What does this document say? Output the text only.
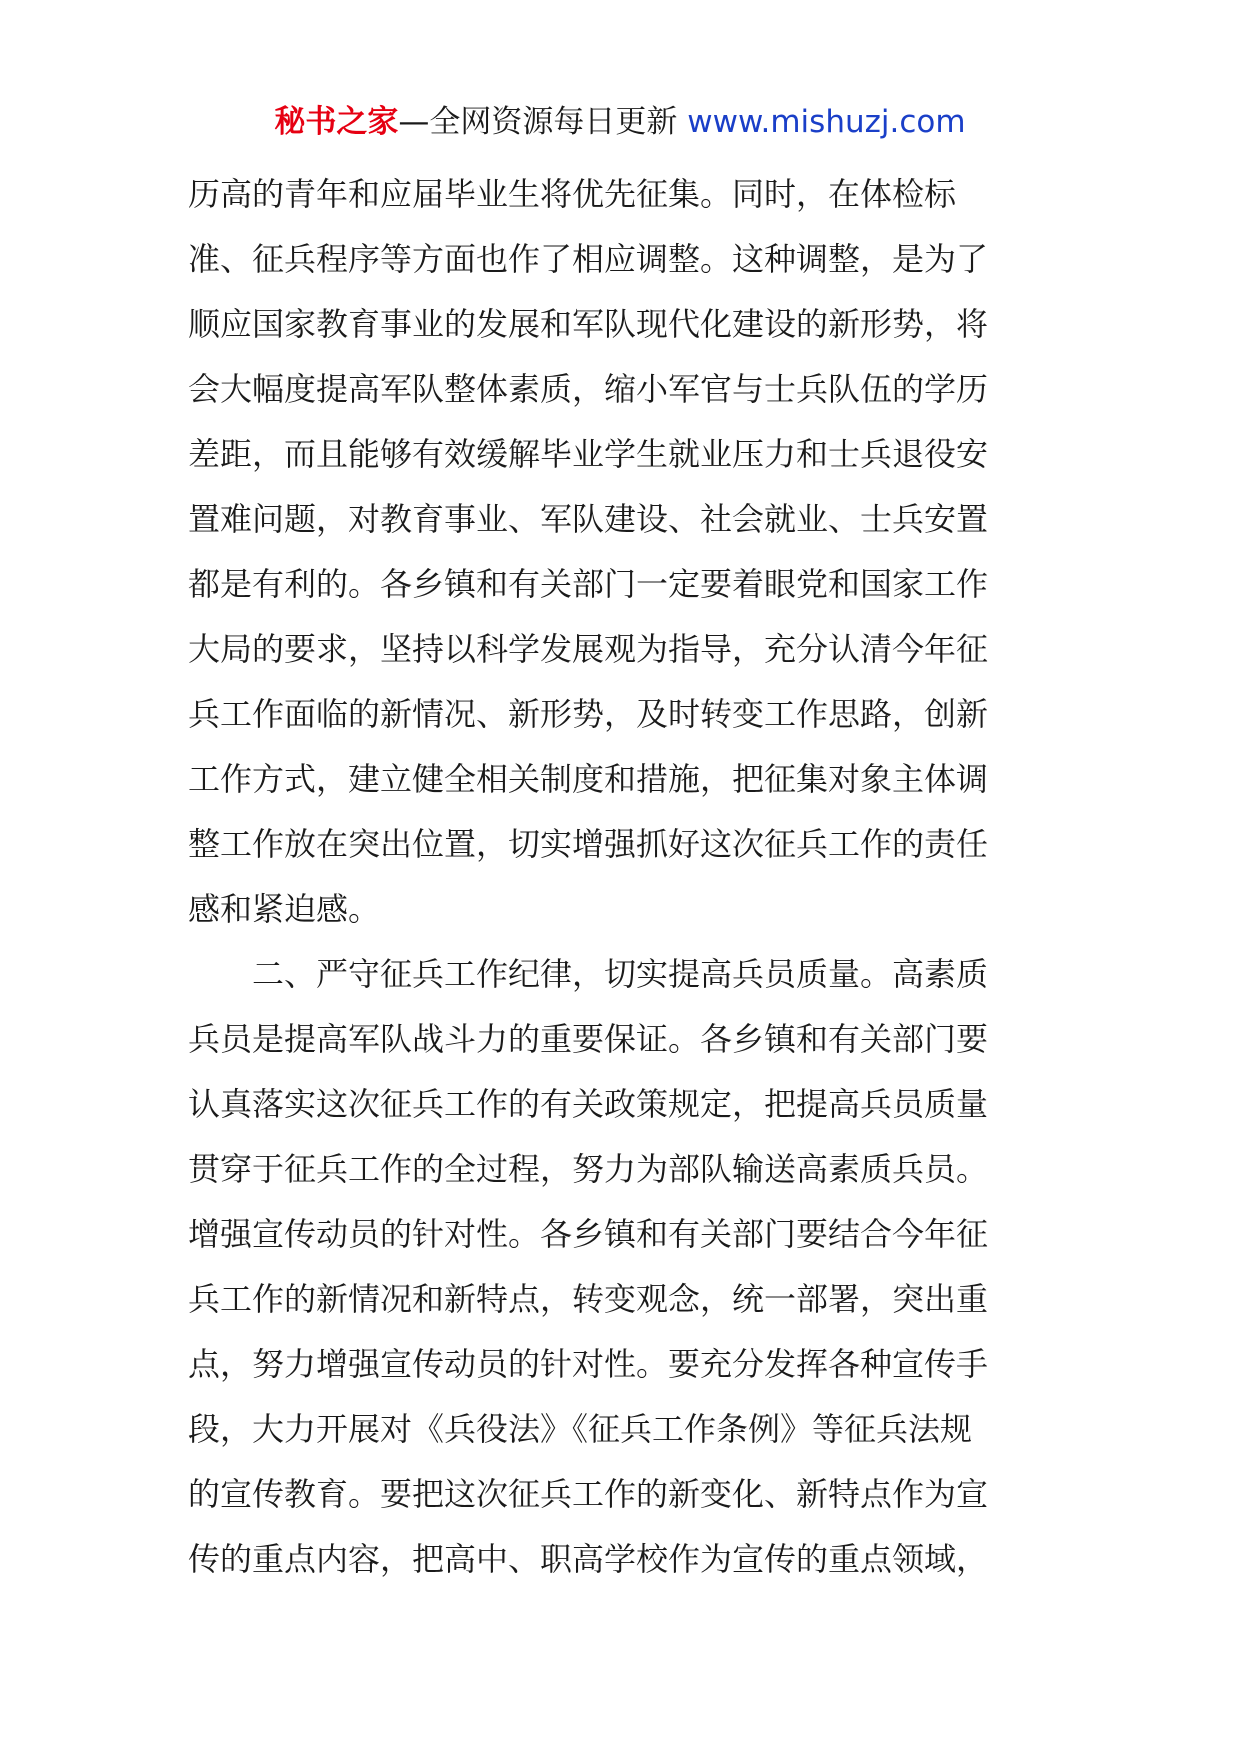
秘书之家—全网资源每日更新 www.mishuzj.com
历高的青年和应届毕业生将优先征集。同时，在体检标
准、征兵程序等方面也作了相应调整。这种调整，是为了
顺应国家教育事业的发展和军队现代化建设的新形势，将
会大幅度提高军队整体素质，缩小军官与士兵队伍的学历
差距，而且能够有效缓解毕业学生就业压力和士兵退役安
置难问题，对教育事业、军队建设、社会就业、士兵安置
都是有利的。各乡镇和有关部门一定要着眼党和国家工作
大局的要求，坚持以科学发展观为指导，充分认清今年征
兵工作面临的新情况、新形势，及时转变工作思路，创新
工作方式，建立健全相关制度和措施，把征集对象主体调
整工作放在突出位置，切实增强抓好这次征兵工作的责任
感和紧迫感。
二、严守征兵工作纪律，切实提高兵员质量。高素质
兵员是提高军队战斗力的重要保证。各乡镇和有关部门要
认真落实这次征兵工作的有关政策规定，把提高兵员质量
贯穿于征兵工作的全过程，努力为部队输送高素质兵员。
增强宣传动员的针对性。各乡镇和有关部门要结合今年征
兵工作的新情况和新特点，转变观念，统一部署，突出重
点，努力增强宣传动员的针对性。要充分发挥各种宣传手
段，大力开展对《兵役法》《征兵工作条例》等征兵法规
的宣传教育。要把这次征兵工作的新变化、新特点作为宣
传的重点内容，把高中、职高学校作为宣传的重点领域，
